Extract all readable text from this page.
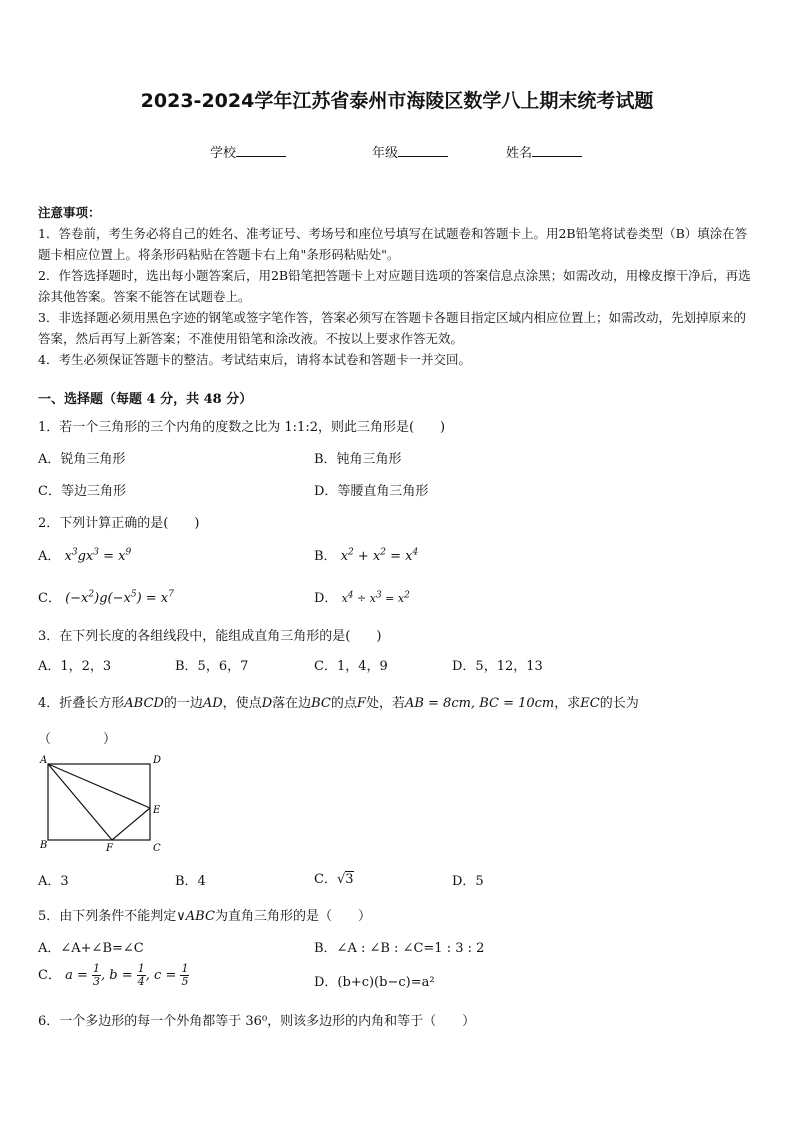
2023-2024学年江苏省泰州市海陵区数学八上期末统考试题
学校	年级	姓名

注意事项：

1．答卷前，考生务必将自己的姓名、准考证号、考场号和座位号填写在试题卷和答题卡上。用2B铅笔将试卷类型（B）填涂在答题卡相应位置上。将条形码粘贴在答题卡右上角"条形码粘贴处"。

2．作答选择题时，选出每小题答案后，用2B铅笔把答题卡上对应题目选项的答案信息点涂黑；如需改动，用橡皮擦干净后，再选涂其他答案。答案不能答在试题卷上。

3．非选择题必须用黑色字迹的钢笔或签字笔作答，答案必须写在答题卡各题目指定区域内相应位置上；如需改动，先划掉原来的答案，然后再写上新答案；不准使用铅笔和涂改液。不按以上要求作答无效。

4．考生必须保证答题卡的整洁。考试结束后，请将本试卷和答题卡一并交回。

一、选择题（每题 4 分，共 48 分）
1．若一个三角形的三个内角的度数之比为 1:1:2，则此三角形是(　　)
A．锐角三角形	B．钝角三角形
C．等边三角形	D．等腰直角三角形
2．下列计算正确的是(　　)
A． $x^3gx^3 = x^9$	B． $x^2 + x^2 = x^4$
C． $(-x^2)g(-x^5) = x^7$	D． $x^4 \div x^3 = x^2$
3．在下列长度的各组线段中，能组成直角三角形的是(　　)
A．1，2，3	B．5，6，7	C．1，4，9	D．5，12，13
4．折叠长方形ABCD的一边AD，使点D落在边BC的点F处，若AB = 8cm, BC = 10cm，求EC的长为
（　　　　）
A	D
E
B	F	C
A．3	B．4	C．√3	D．5
5．由下列条件不能判定∨ABC为直角三角形的是（　　）
A．∠A+∠B=∠C	B．∠A : ∠B : ∠C=1 : 3 : 2
C． $a = \frac{1}{3}$ , $b = \frac{1}{4}$ , $c = \frac{1}{5}$	D．(b+c)(b−c)=a²
6．一个多边形的每一个外角都等于 36⁰，则该多边形的内角和等于（　　）
